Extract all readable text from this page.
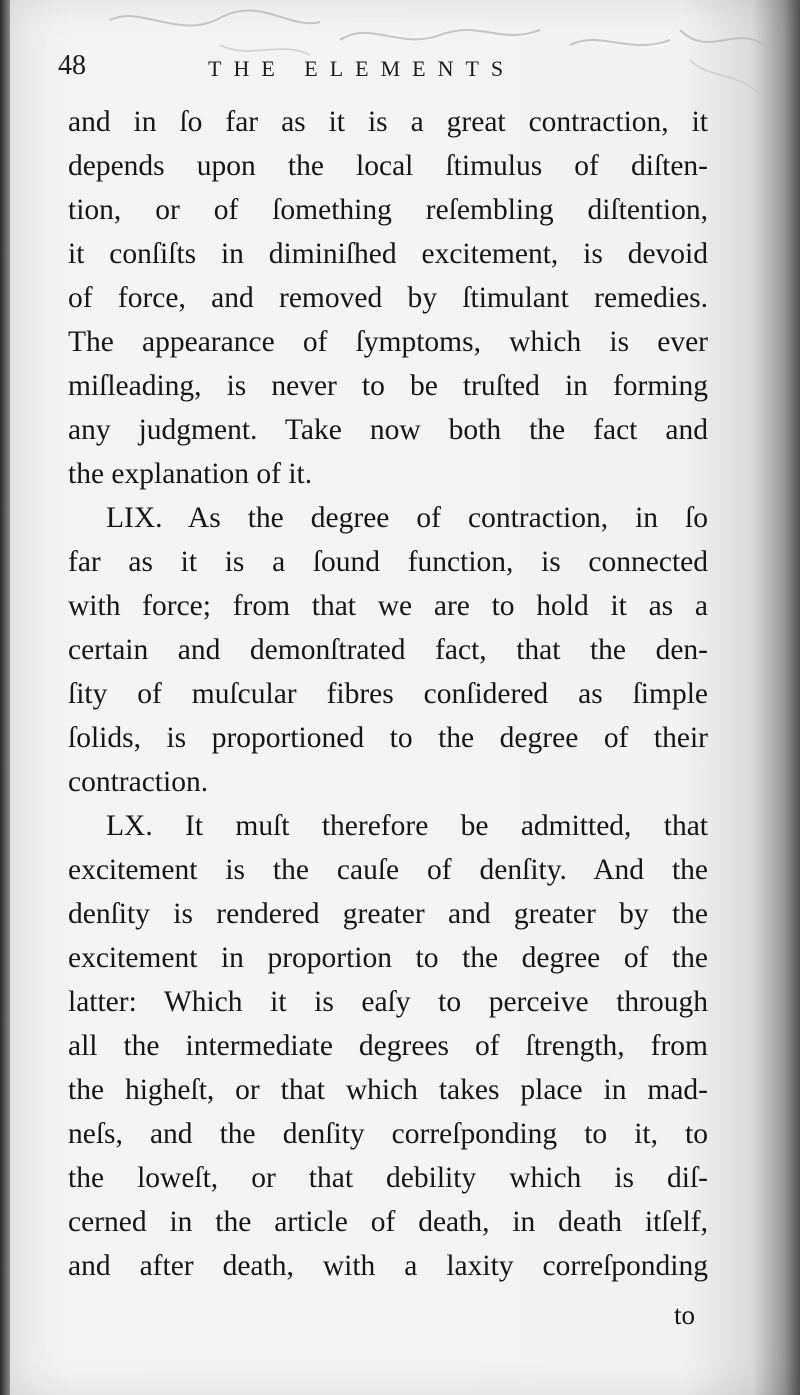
48	THE ELEMENTS
and in ſo far as it is a great contraction, it
depends upon the local ſtimulus of diſten-
tion, or of ſomething reſembling diſtention,
it conſiſts in diminiſhed excitement, is devoid
of force, and removed by ſtimulant remedies.
The appearance of ſymptoms, which is ever
miſleading, is never to be truſted in forming
any judgment. Take now both the fact and
the explanation of it.
LIX. As the degree of contraction, in ſo
far as it is a ſound function, is connected
with force; from that we are to hold it as a
certain and demonſtrated fact, that the den-
ſity of muſcular fibres conſidered as ſimple
ſolids, is proportioned to the degree of their
contraction.
LX. It muſt therefore be admitted, that
excitement is the cauſe of denſity. And the
denſity is rendered greater and greater by the
excitement in proportion to the degree of the
latter: Which it is eaſy to perceive through
all the intermediate degrees of ſtrength, from
the higheſt, or that which takes place in mad-
neſs, and the denſity correſponding to it, to
the loweſt, or that debility which is diſ-
cerned in the article of death, in death itſelf,
and after death, with a laxity correſponding
to
